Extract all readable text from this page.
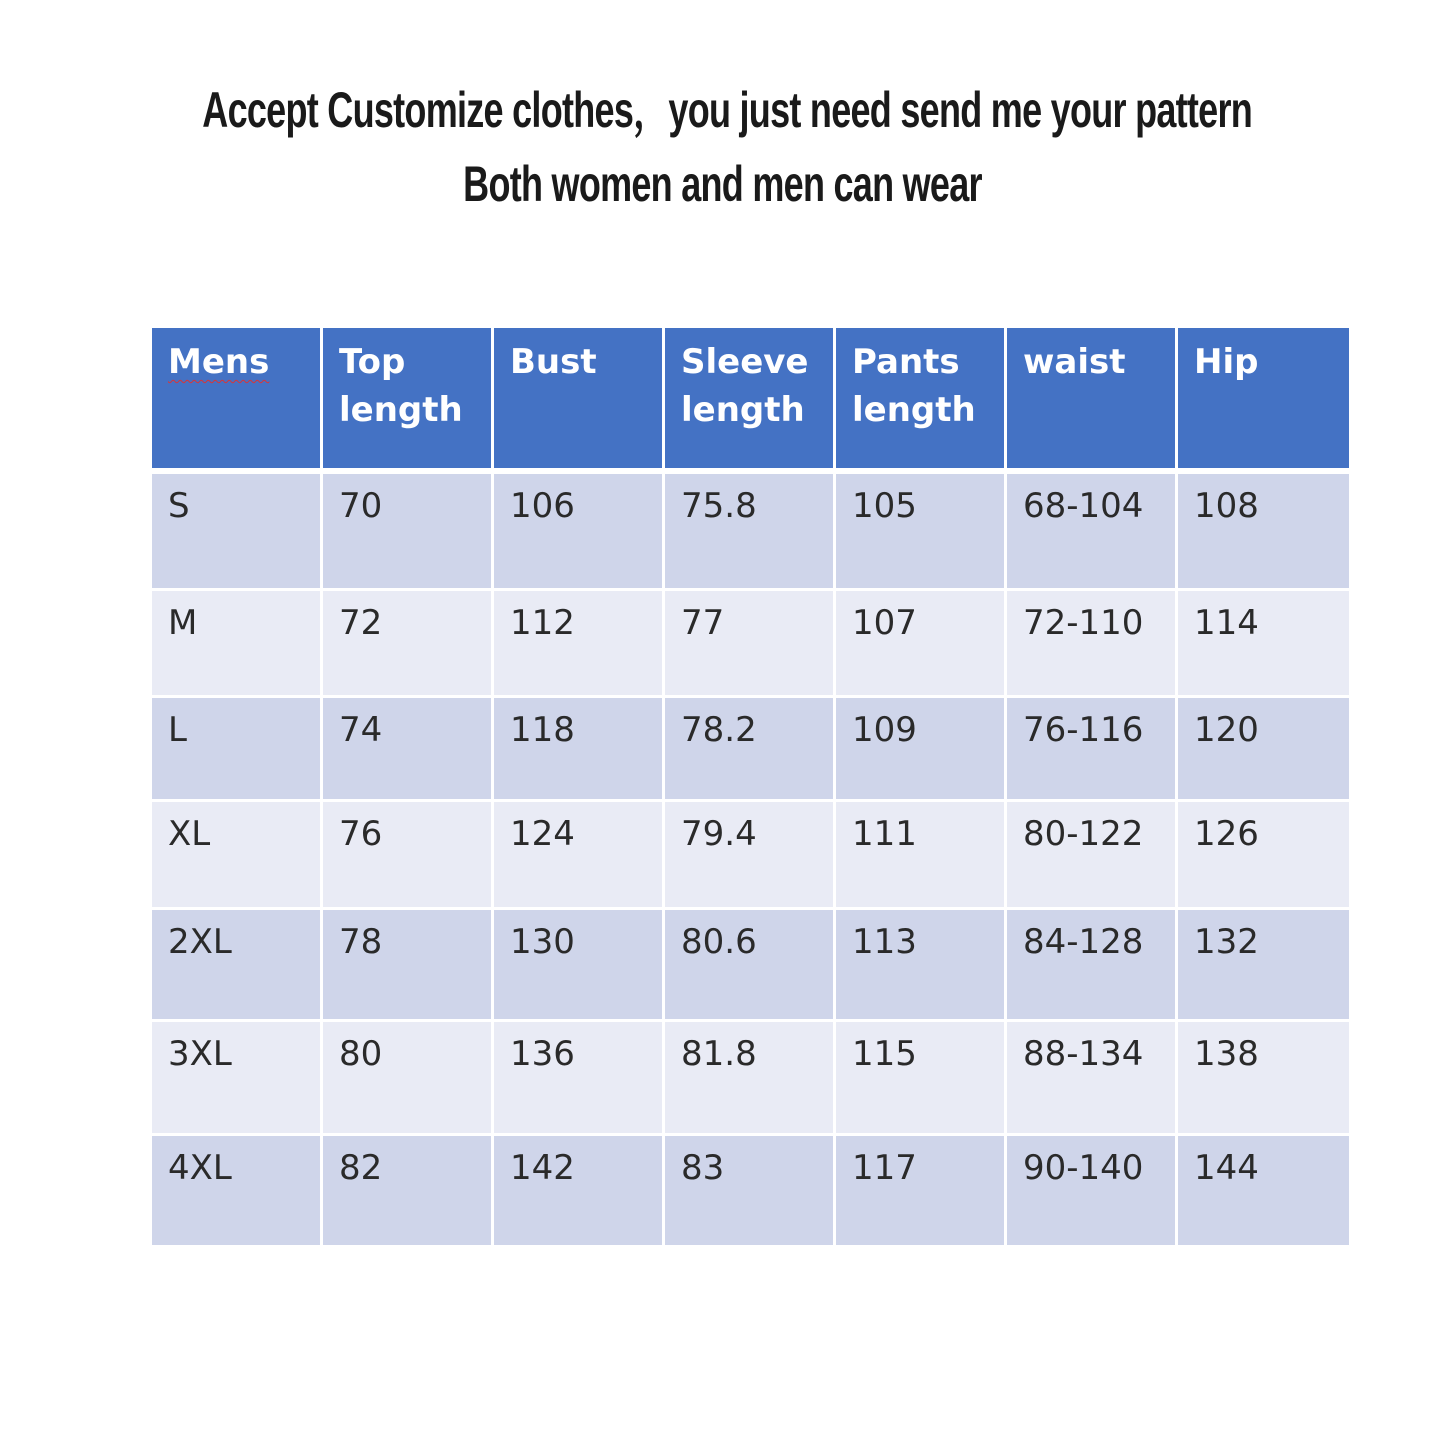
Accept Customize clothes，you just need send me your pattern
Both women and men can wear
Mens	Top length	Bust	Sleeve length	Pants length	waist	Hip
S	70	106	75.8	105	68-104	108
M	72	112	77	107	72-110	114
L	74	118	78.2	109	76-116	120
XL	76	124	79.4	111	80-122	126
2XL	78	130	80.6	113	84-128	132
3XL	80	136	81.8	115	88-134	138
4XL	82	142	83	117	90-140	144
